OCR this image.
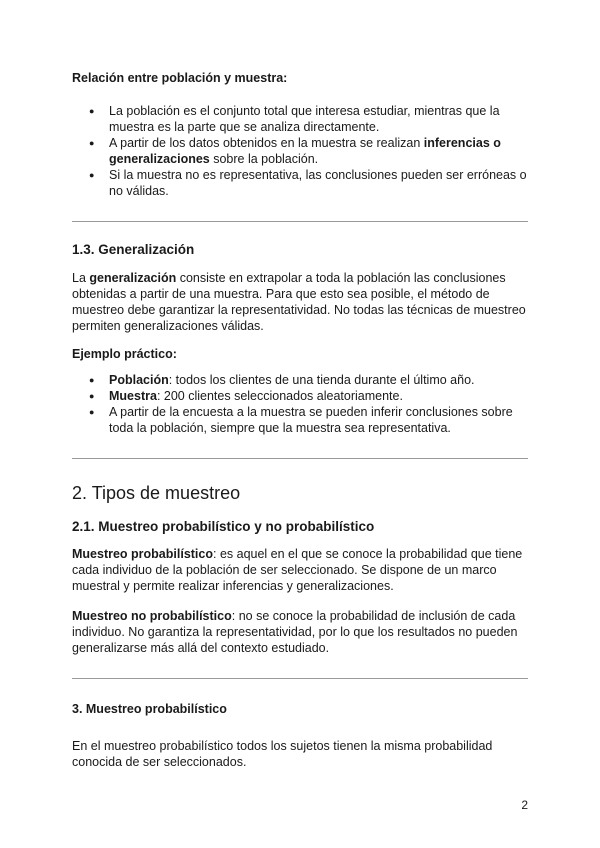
Relación entre población y muestra:

● La población es el conjunto total que interesa estudiar, mientras que la muestra es la parte que se analiza directamente.
● A partir de los datos obtenidos en la muestra se realizan inferencias o generalizaciones sobre la población.
● Si la muestra no es representativa, las conclusiones pueden ser erróneas o no válidas.
1.3. Generalización

La generalización consiste en extrapolar a toda la población las conclusiones obtenidas a partir de una muestra. Para que esto sea posible, el método de muestreo debe garantizar la representatividad. No todas las técnicas de muestreo permiten generalizaciones válidas.

Ejemplo práctico:

● Población: todos los clientes de una tienda durante el último año.
● Muestra: 200 clientes seleccionados aleatoriamente.
● A partir de la encuesta a la muestra se pueden inferir conclusiones sobre toda la población, siempre que la muestra sea representativa.
2. Tipos de muestreo
2.1. Muestreo probabilístico y no probabilístico

Muestreo probabilístico: es aquel en el que se conoce la probabilidad que tiene cada individuo de la población de ser seleccionado. Se dispone de un marco muestral y permite realizar inferencias y generalizaciones.

Muestreo no probabilístico: no se conoce la probabilidad de inclusión de cada individuo. No garantiza la representatividad, por lo que los resultados no pueden generalizarse más allá del contexto estudiado.

3. Muestreo probabilístico

En el muestreo probabilístico todos los sujetos tienen la misma probabilidad conocida de ser seleccionados.

2
